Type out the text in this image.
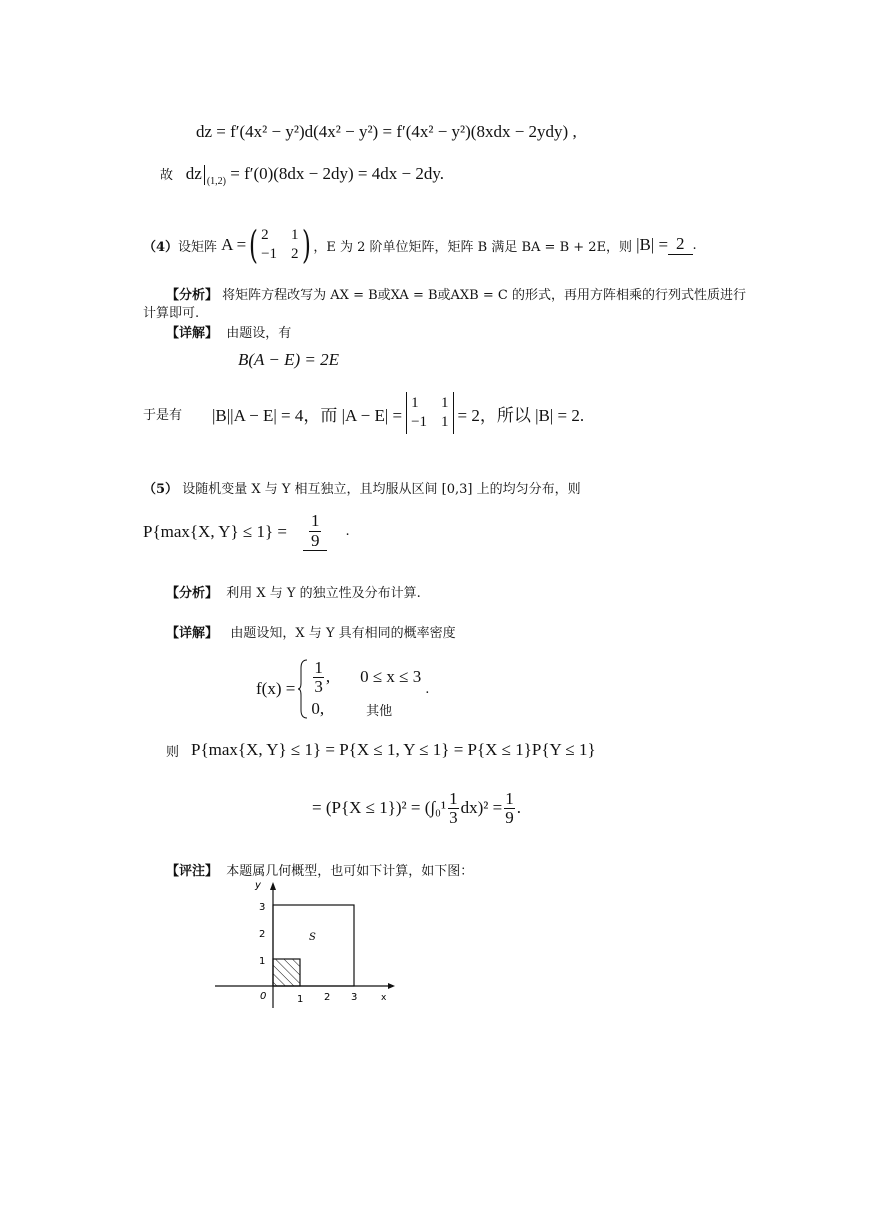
dz = f′(4x² − y²)d(4x² − y²) = f′(4x² − y²)(8xdx − 2ydy) ,
故 dz $_{(1,2)}$ = f′(0)(8dx − 2dy) = 4dx − 2dy.
（4） 设矩阵 A = ( 2 1
−1 2 ) ，E 为 2 阶单位矩阵，矩阵 B 满足 BA = B + 2E，则 |B| = 2 .
【分析】 将矩阵方程改写为 AX = B或XA = B或AXB = C 的形式，再用方阵相乘的行列式性质进行
计算即可.
【详解】 由题设，有
B(A − E) = 2E
于是有 |B||A − E| = 4，而 |A − E| =
1 1
−1 1 = 2，所以 |B| = 2.
（5） 设随机变量 X 与 Y 相互独立，且均服从区间 [0,3] 上的均匀分布，则
P{max{X, $Y\} \le 1\} = \frac{1}{9}$ .
【分析】 利用 X 与 Y 的独立性及分布计算.
【详解】 由题设知，X 与 Y 具有相同的概率密度
$f(x) = \frac{1}{3}$ , 0 ≤ x ≤ 3
0,	其他
.
则 P{max{X, Y} ≤ 1} = P{X ≤ 1, Y ≤ 1} = P{X ≤ 1}P{Y ≤ 1}
= $(P\{X \le 1\})^2 = (\int_0^1 \frac{1}{3} dx)^2 = \frac{1}{9}$ .
【评注】 本题属几何概型，也可如下计算，如下图：
y
x
0	1 2 3
1
2
3
S
